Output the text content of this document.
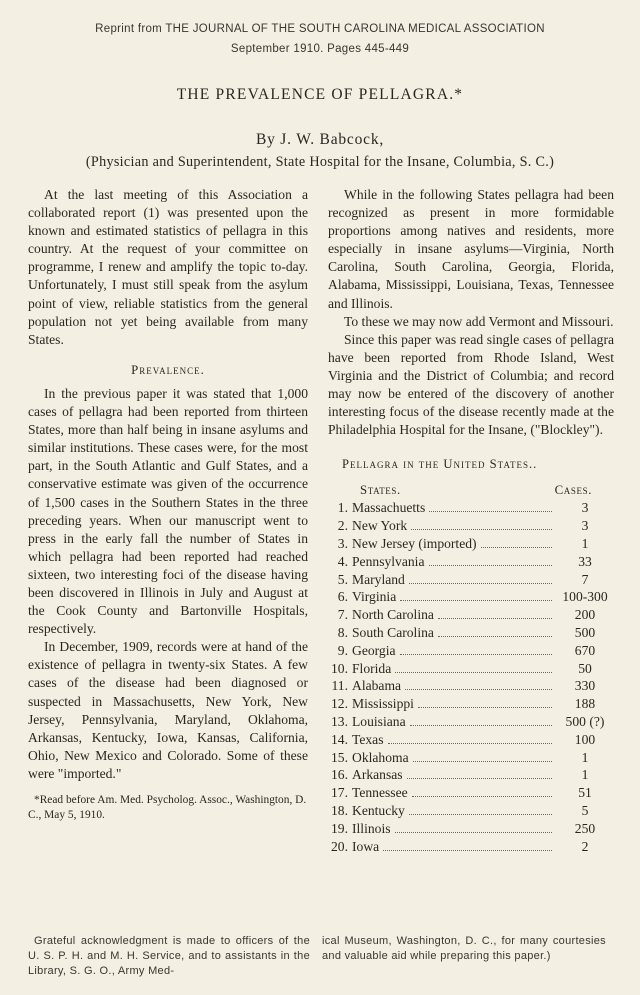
Reprint from THE JOURNAL OF THE SOUTH CAROLINA MEDICAL ASSOCIATION
September 1910. Pages 445-449
THE PREVALENCE OF PELLAGRA.*
By J. W. Babcock,
(Physician and Superintendent, State Hospital for the Insane, Columbia, S. C.)

At the last meeting of this Association a collaborated report (1) was presented upon the known and estimated statistics of pellagra in this country. At the request of your committee on programme, I renew and amplify the topic to-day. Unfortunately, I must still speak from the asylum point of view, reliable statistics from the general population not yet being available from many States.

Prevalence.

In the previous paper it was stated that 1,000 cases of pellagra had been reported from thirteen States, more than half being in insane asylums and similar institutions. These cases were, for the most part, in the South Atlantic and Gulf States, and a conservative estimate was given of the occurrence of 1,500 cases in the Southern States in the three preceding years. When our manuscript went to press in the early fall the number of States in which pellagra had been reported had reached sixteen, two interesting foci of the disease having been discovered in Illinois in July and August at the Cook County and Bartonville Hospitals, respectively.

In December, 1909, records were at hand of the existence of pellagra in twenty-six States. A few cases of the disease had been diagnosed or suspected in Massachusetts, New York, New Jersey, Pennsylvania, Maryland, Oklahoma, Arkansas, Kentucky, Iowa, Kansas, California, Ohio, New Mexico and Colorado. Some of these were "imported."

*Read before Am. Med. Psycholog. Assoc., Washington, D. C., May 5, 1910.

While in the following States pellagra had been recognized as present in more formidable proportions among natives and residents, more especially in insane asylums—Virginia, North Carolina, South Carolina, Georgia, Florida, Alabama, Mississippi, Louisiana, Texas, Tennessee and Illinois.

To these we may now add Vermont and Missouri.

Since this paper was read single cases of pellagra have been reported from Rhode Island, West Virginia and the District of Columbia; and record may now be entered of the discovery of another interesting focus of the disease recently made at the Philadelphia Hospital for the Insane, ("Blockley").

Pellagra in the United States..
States.	Cases.
1. Massachuetts	3
2. New York	3
3. New Jersey (imported)	1
4. Pennsylvania	33
5. Maryland	7
6. Virginia	100-300
7. North Carolina	200
8. South Carolina	500
9. Georgia	670
10. Florida	50
11. Alabama	330
12. Mississippi	188
13. Louisiana	500 (?)
14. Texas	100
15. Oklahoma	1
16. Arkansas	1
17. Tennessee	51
18. Kentucky	5
19. Illinois	250
20. Iowa	2
Grateful acknowledgment is made to officers of the U. S. P. H. and M. H. Service, and to assistants in the Library, S. G. O., Army Med-
ical Museum, Washington, D. C., for many courtesies and valuable aid while preparing this paper.)
